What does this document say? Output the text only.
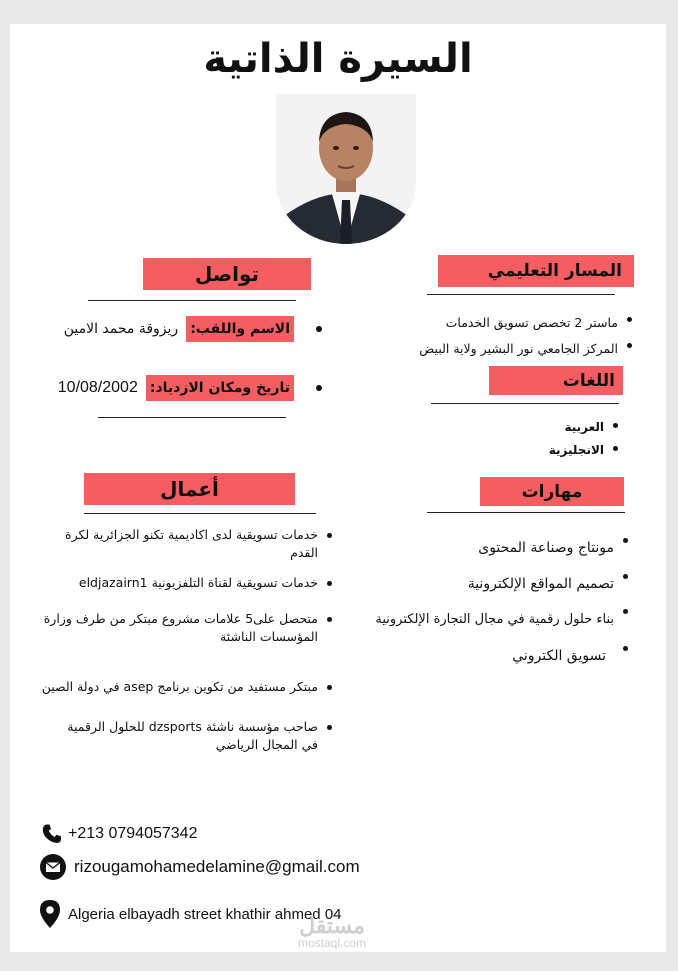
السيرة الذاتية
تواصل
الاسم واللقب:
ريزوقة محمد الامين
تاريخ ومكان الازدياد:
10/08/2002
أعمال
خدمات تسويقية لدى اكاديمية تكنو الجزائرية لكرة القدم
خدمات تسويقية لقناة التلفزيونية eldjazairn1
متحصل على5 علامات مشروع مبتكر من طرف وزارة المؤسسات الناشئة
مبتكر مستفيد من تكوين برنامج asep في دولة الصين
صاحب مؤسسة ناشئة dzsports للحلول الرقمية في المجال الرياضي
المسار التعليمي
ماستر 2 تخصص تسويق الخدمات
المركز الجامعي نور البشير ولاية البيض
اللغات
العربية
الانجليزية
مهارات
مونتاج وصناعة المحتوى
تصميم المواقع الإلكترونية
بناء حلول رقمية في مجال التجارة الإلكترونية
تسويق الكتروني
+213 0794057342
rizougamohamedelamine@gmail.com
Algeria elbayadh street khathir ahmed 04
مستقل
mostaql.com
